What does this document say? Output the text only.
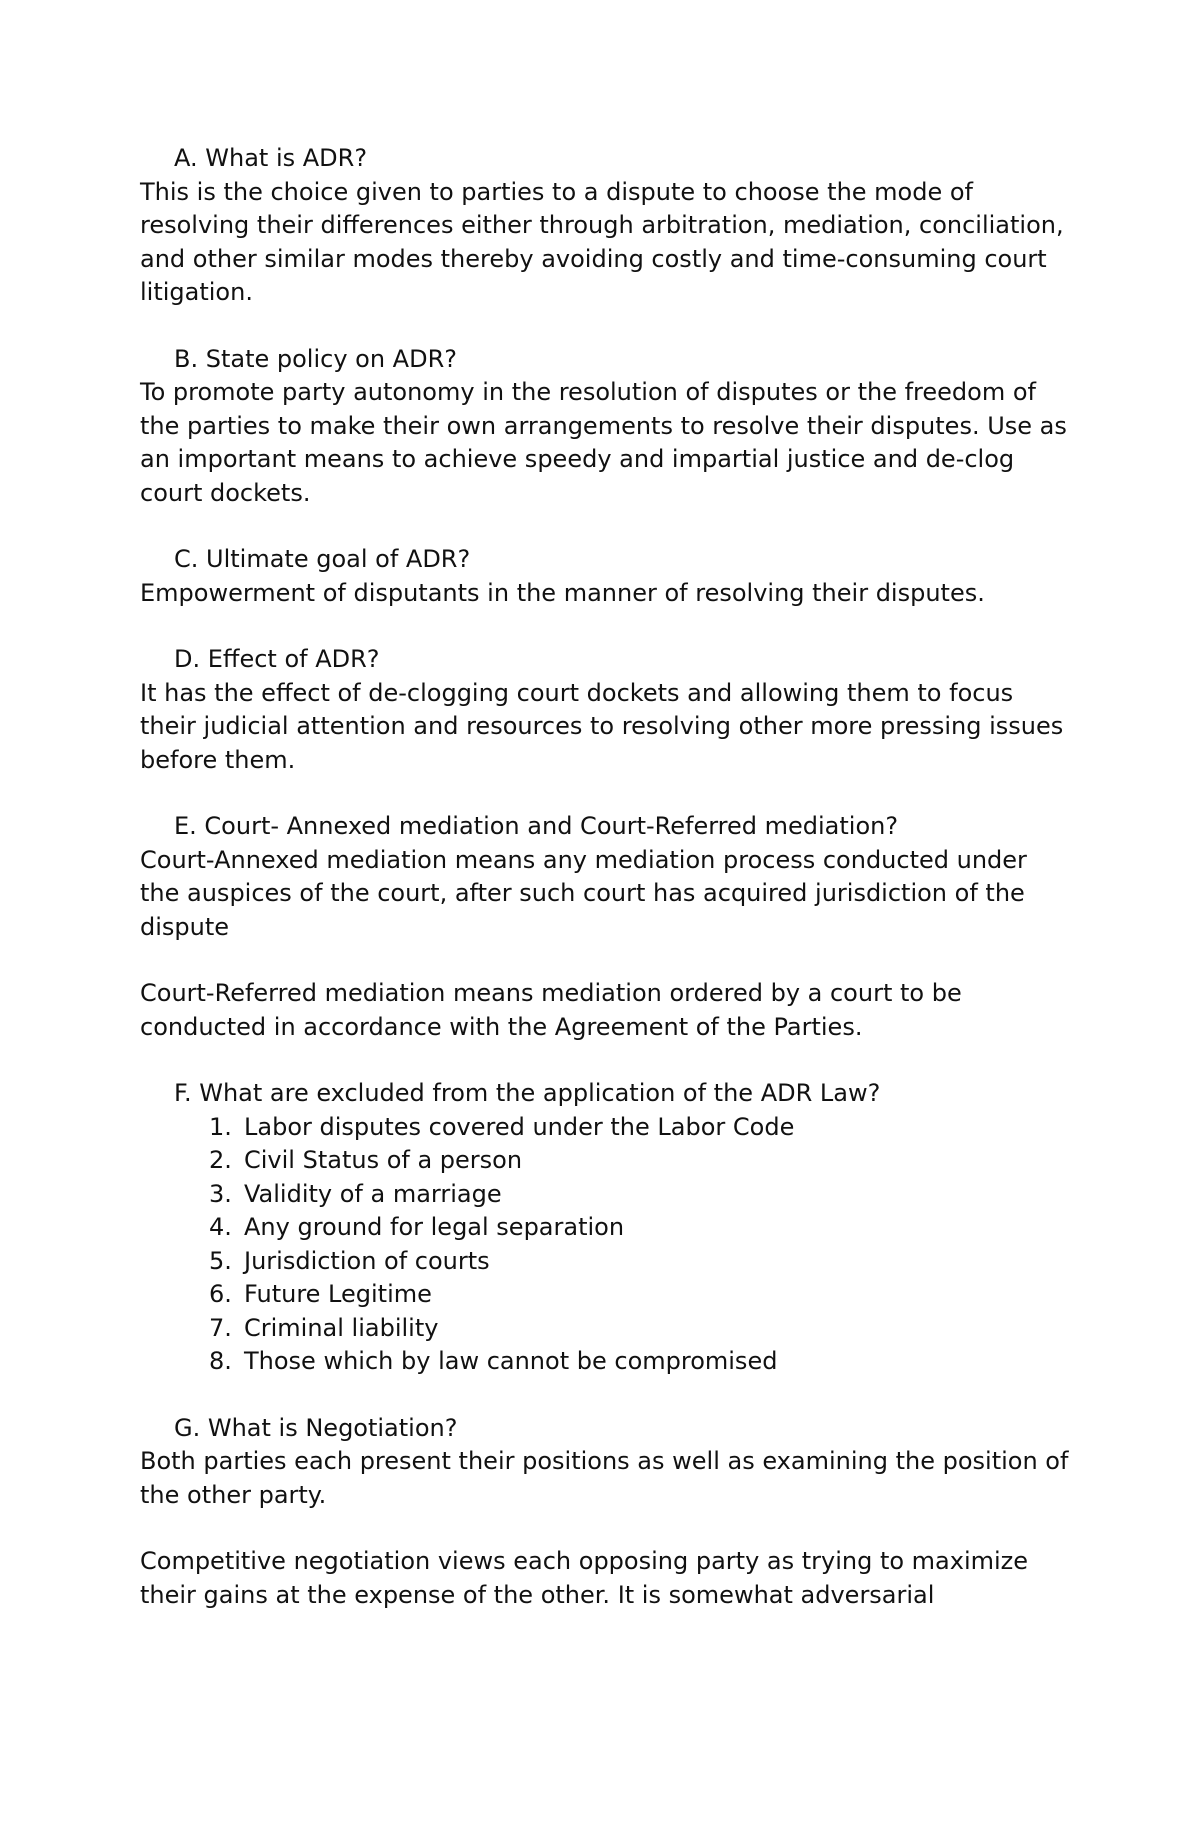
A. What is ADR?

This is the choice given to parties to a dispute to choose the mode of resolving their differences either through arbitration, mediation, conciliation, and other similar modes thereby avoiding costly and time-consuming court litigation.

B. State policy on ADR?

To promote party autonomy in the resolution of disputes or the freedom of the parties to make their own arrangements to resolve their disputes. Use as an important means to achieve speedy and impartial justice and de-clog court dockets.

C. Ultimate goal of ADR?

Empowerment of disputants in the manner of resolving their disputes.

D. Effect of ADR?

It has the effect of de-clogging court dockets and allowing them to focus their judicial attention and resources to resolving other more pressing issues before them.

E. Court- Annexed mediation and Court-Referred mediation?

Court-Annexed mediation means any mediation process conducted under the auspices of the court, after such court has acquired jurisdiction of the dispute

Court-Referred mediation means mediation ordered by a court to be conducted in accordance with the Agreement of the Parties.

F. What are excluded from the application of the ADR Law?

1. Labor disputes covered under the Labor Code
2. Civil Status of a person
3. Validity of a marriage
4. Any ground for legal separation
5. Jurisdiction of courts
6. Future Legitime
7. Criminal liability
8. Those which by law cannot be compromised

G. What is Negotiation?

Both parties each present their positions as well as examining the position of the other party.

Competitive negotiation views each opposing party as trying to maximize their gains at the expense of the other. It is somewhat adversarial
